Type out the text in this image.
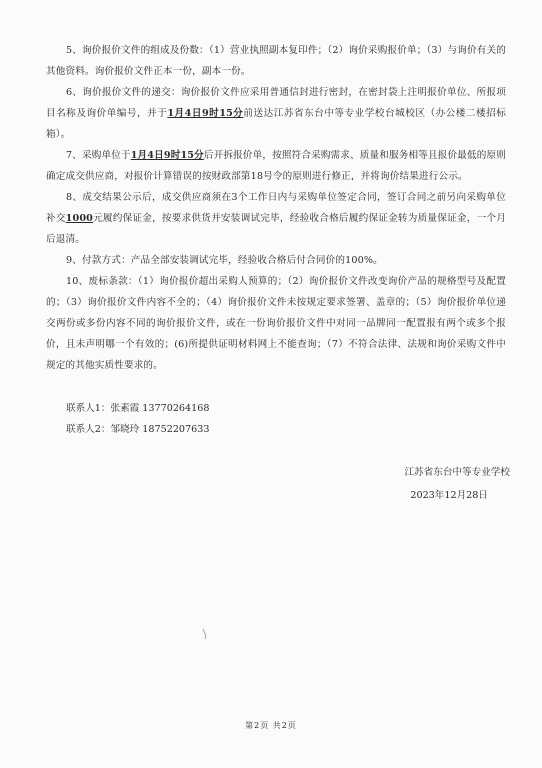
5、询价报价文件的组成及份数：（1）营业执照副本复印件；（2）询价采购报价单；（3）与询价有关的其他资料。询价报价文件正本一份，副本一份。

6、询价报价文件的递交：询价报价文件应采用普通信封进行密封，在密封袋上注明报价单位、所报项目名称及询价单编号，并于1月4日9时15分前送达江苏省东台中等专业学校台城校区（办公楼二楼招标箱）。

7、采购单位于1月4日9时15分后开拆报价单，按照符合采购需求、质量和服务相等且报价最低的原则确定成交供应商，对报价计算错误的按财政部第18号令的原则进行修正，并将询价结果进行公示。

8、成交结果公示后，成交供应商须在3个工作日内与采购单位签定合同，签订合同之前另向采购单位补交1000元履约保证金，按要求供货并安装调试完毕，经验收合格后履约保证金转为质量保证金，一个月后退清。

9、付款方式：产品全部安装调试完毕，经验收合格后付合同价的100%。

10、废标条款：（1）询价报价超出采购人预算的；（2）询价报价文件改变询价产品的规格型号及配置的；（3）询价报价文件内容不全的；（4）询价报价文件未按规定要求签署、盖章的；（5）询价报价单位递交两份或多份内容不同的询价报价文件，或在一份询价报价文件中对同一品牌同一配置报有两个或多个报价，且未声明哪一个有效的；(6)所提供证明材料网上不能查询；（7）不符合法律、法规和询价采购文件中规定的其他实质性要求的。

联系人1：张素霞 13770264168
联系人2：邹晓玲 18752207633
江苏省东台中等专业学校
2023年12月28日
第2页 共2页
